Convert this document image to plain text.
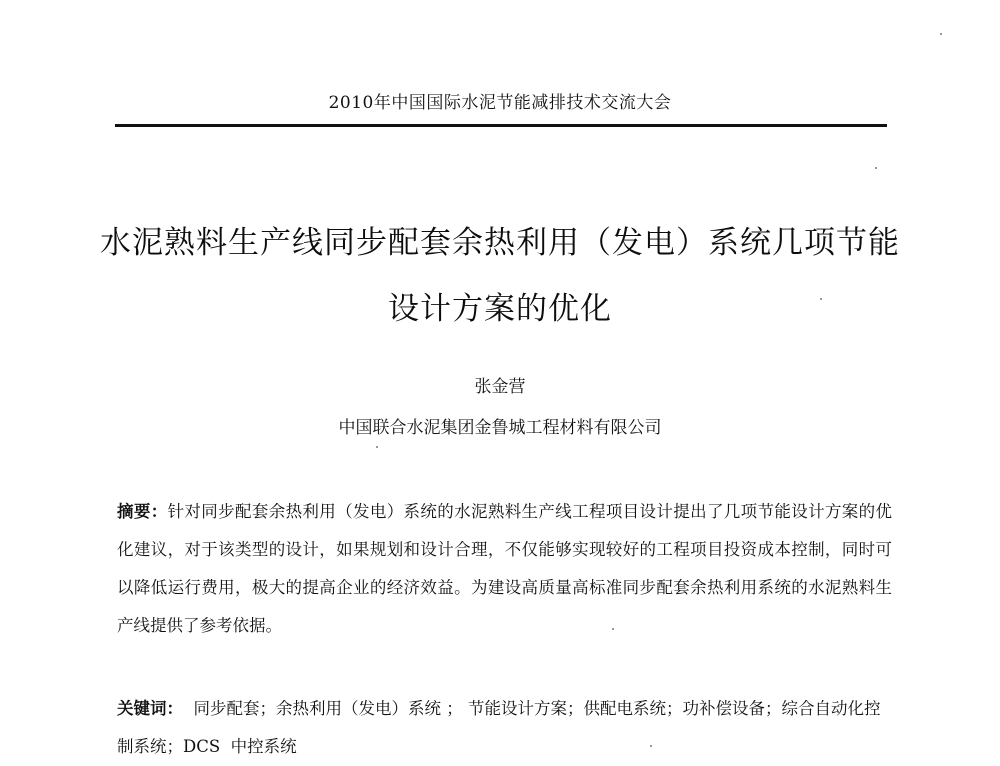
2010年中国国际水泥节能减排技术交流大会
水泥熟料生产线同步配套余热利用（发电）系统几项节能
设计方案的优化
张金营
中国联合水泥集团金鲁城工程材料有限公司

摘要：针对同步配套余热利用（发电）系统的水泥熟料生产线工程项目设计提出了几项节能设计方案的优化建议，对于该类型的设计，如果规划和设计合理，不仅能够实现较好的工程项目投资成本控制，同时可以降低运行费用，极大的提高企业的经济效益。为建设高质量高标准同步配套余热利用系统的水泥熟料生产线提供了参考依据。

关键词： 同步配套；余热利用（发电）系统 ； 节能设计方案；供配电系统；功补偿设备；综合自动化控制系统；DCS 中控系统
